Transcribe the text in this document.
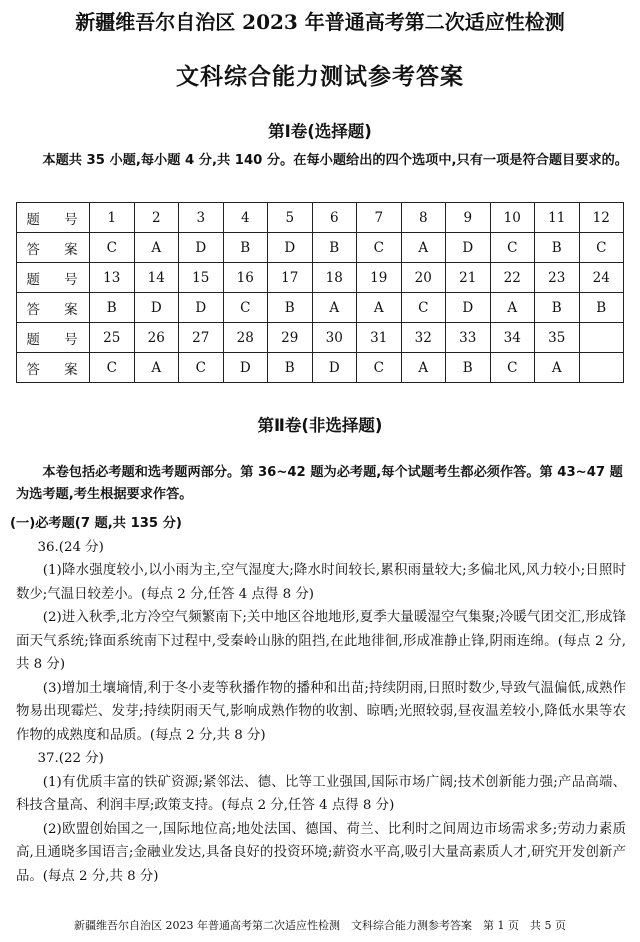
新疆维吾尔自治区 2023 年普通高考第二次适应性检测
文科综合能力测试参考答案
第Ⅰ卷(选择题)
本题共 35 小题,每小题 4 分,共 140 分。在每小题给出的四个选项中,只有一项是符合题目要求的。
题 号	1	2	3	4	5	6	7	8	9	10	11	12
答 案	C	A	D	B	D	B	C	A	D	C	B	C
题 号	13	14	15	16	17	18	19	20	21	22	23	24
答 案	B	D	D	C	B	A	A	C	D	A	B	B
题 号	25	26	27	28	29	30	31	32	33	34	35	
答 案	C	A	C	D	B	D	C	A	B	C	A	
第Ⅱ卷(非选择题)
本卷包括必考题和选考题两部分。第 36~42 题为必考题,每个试题考生都必须作答。第 43~47 题为选考题,考生根据要求作答。

(一)必考题(7 题,共 135 分)

36.(24 分)

(1)降水强度较小,以小雨为主,空气湿度大;降水时间较长,累积雨量较大;多偏北风,风力较小;日照时数少;气温日较差小。(每点 2 分,任答 4 点得 8 分)

(2)进入秋季,北方冷空气频繁南下;关中地区谷地地形,夏季大量暖湿空气集聚;冷暖气团交汇,形成锋面天气系统;锋面系统南下过程中,受秦岭山脉的阻挡,在此地徘徊,形成准静止锋,阴雨连绵。(每点 2 分,共 8 分)

(3)增加土壤墒情,利于冬小麦等秋播作物的播种和出苗;持续阴雨,日照时数少,导致气温偏低,成熟作物易出现霉烂、发芽;持续阴雨天气,影响成熟作物的收割、晾晒;光照较弱,昼夜温差较小,降低水果等农作物的成熟度和品质。(每点 2 分,共 8 分)

37.(22 分)

(1)有优质丰富的铁矿资源;紧邻法、德、比等工业强国,国际市场广阔;技术创新能力强;产品高端、科技含量高、利润丰厚;政策支持。(每点 2 分,任答 4 点得 8 分)

(2)欧盟创始国之一,国际地位高;地处法国、德国、荷兰、比利时之间周边市场需求多;劳动力素质高,且通晓多国语言;金融业发达,具备良好的投资环境;薪资水平高,吸引大量高素质人才,研究开发创新产品。(每点 2 分,共 8 分)

新疆维吾尔自治区 2023 年普通高考第二次适应性检测　文科综合能力测参考答案　第 1 页　共 5 页
